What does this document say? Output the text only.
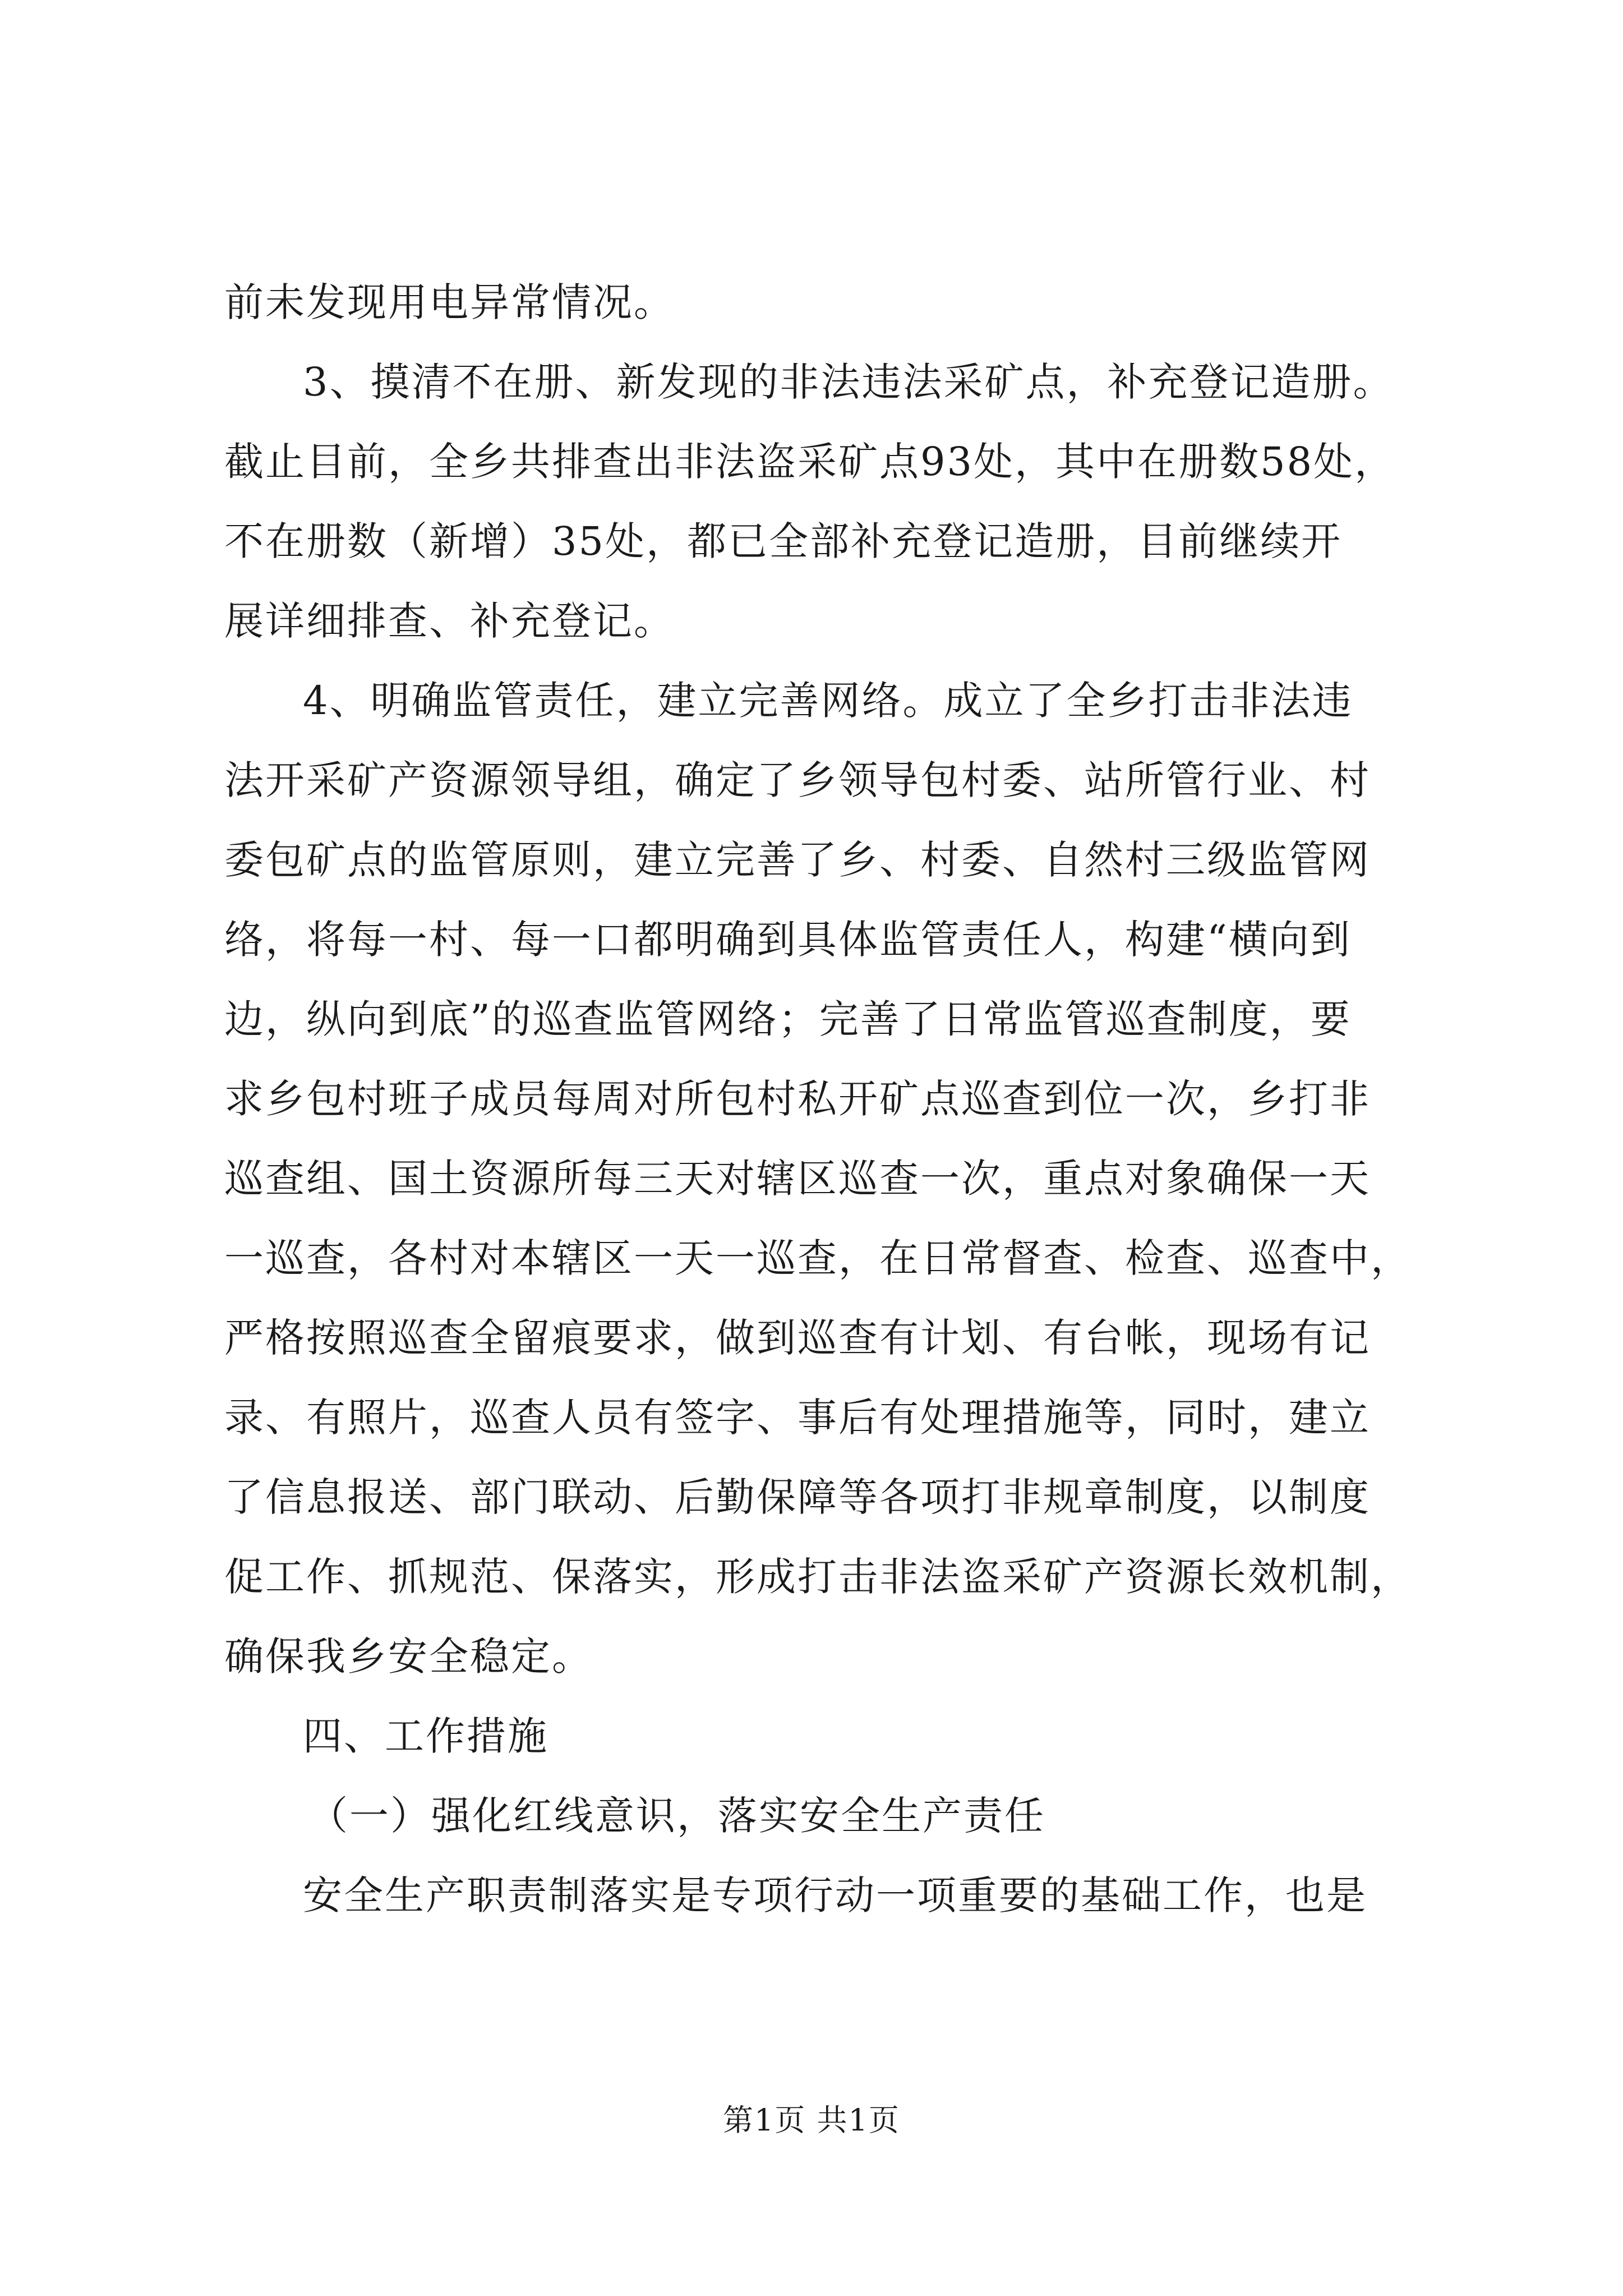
前未发现用电异常情况。
3、摸清不在册、新发现的非法违法采矿点，补充登记造册。
截止目前，全乡共排查出非法盗采矿点93处，其中在册数58处，
不在册数（新增）35处，都已全部补充登记造册，目前继续开
展详细排查、补充登记。
4、明确监管责任，建立完善网络。成立了全乡打击非法违
法开采矿产资源领导组，确定了乡领导包村委、站所管行业、村
委包矿点的监管原则，建立完善了乡、村委、自然村三级监管网
络，将每一村、每一口都明确到具体监管责任人，构建“横向到
边，纵向到底”的巡查监管网络；完善了日常监管巡查制度，要
求乡包村班子成员每周对所包村私开矿点巡查到位一次，乡打非
巡查组、国土资源所每三天对辖区巡查一次，重点对象确保一天
一巡查，各村对本辖区一天一巡查，在日常督查、检查、巡查中，
严格按照巡查全留痕要求，做到巡查有计划、有台帐，现场有记
录、有照片，巡查人员有签字、事后有处理措施等，同时，建立
了信息报送、部门联动、后勤保障等各项打非规章制度，以制度
促工作、抓规范、保落实，形成打击非法盗采矿产资源长效机制，
确保我乡安全稳定。
四、工作措施
（一）强化红线意识，落实安全生产责任
安全生产职责制落实是专项行动一项重要的基础工作，也是
第1页 共1页
